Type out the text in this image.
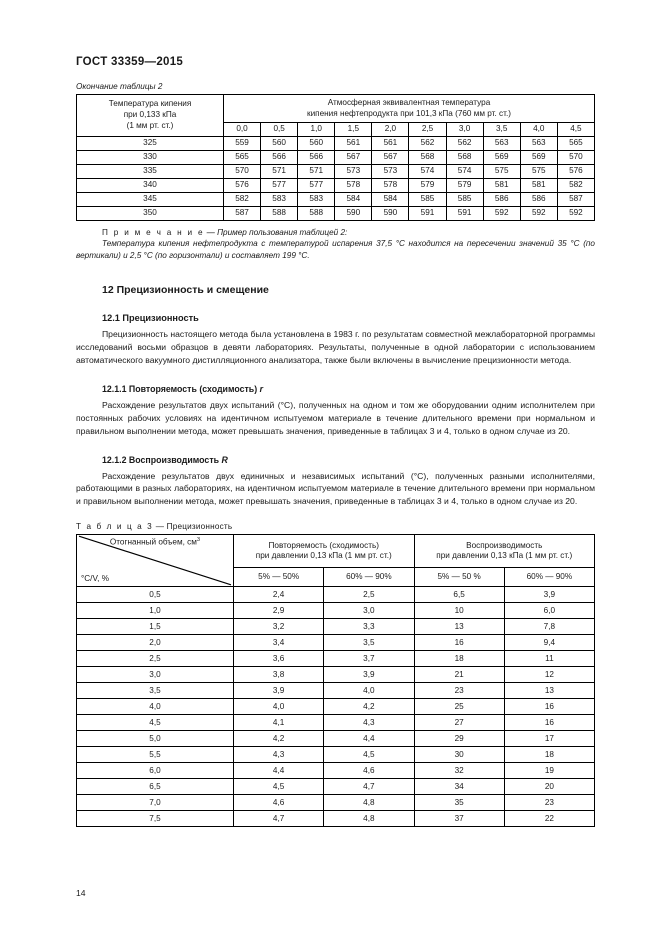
ГОСТ 33359—2015
Окончание таблицы 2
Температура кипения
при 0,133 кПа
(1 мм рт. ст.)

Атмосферная эквивалентная температура
кипения нефтепродукта при 101,3 кПа (760 мм рт. ст.)

	0,0	0,5	1,0	1,5	2,0	2,5	3,0	3,5	4,0	4,5
325	559	560	560	561	561	562	562	563	563	565
330	565	566	566	567	567	568	568	569	569	570
335	570	571	571	573	573	574	574	575	575	576
340	576	577	577	578	578	579	579	581	581	582
345	582	583	583	584	584	585	585	586	586	587
350	587	588	588	590	590	591	591	592	592	592

П р и м е ч а н и е — Пример пользования таблицей 2:
Температура кипения нефтепродукта с температурой испарения 37,5 °С находится на пересечении значений 35 °С (по вертикали) и 2,5 °С (по горизонтали) и составляет 199 °С.

12 Прецизионность и смещение
12.1 Прецизионность

Прецизионность настоящего метода была установлена в 1983 г. по результатам совместной межлабораторной программы исследований восьми образцов в девяти лабораториях. Результаты, полученные в одной лаборатории с использованием автоматического вакуумного дистилляционного анализатора, также были включены в вычисление прецизионности метода.

12.1.1 Повторяемость (сходимость) r

Расхождение результатов двух испытаний (°C), полученных на одном и том же оборудовании одним исполнителем при постоянных рабочих условиях на идентичном испытуемом материале в течение длительного времени при нормальном и правильном выполнении метода, может превышать значения, приведенные в таблицах 3 и 4, только в одном случае из 20.

12.1.2 Воспроизводимость R

Расхождение результатов двух единичных и независимых испытаний (°C), полученных разными исполнителями, работающими в разных лабораториях, на идентичном испытуемом материале в течение длительного времени при нормальном и правильном выполнении метода, может превышать значения, приведенные в таблицах 3 и 4, только в одном случае из 20.

Т а б л и ц а 3 — Прецизионность
Отогнанный объем, $см^3$
°C/V, %

Повторяемость (сходимость)
при давлении 0,13 кПа (1 мм рт. ст.)

Воспроизводимость
при давлении 0,13 кПа (1 мм рт. ст.)

	5% — 50%	60% — 90%	5% — 50 %	60% — 90%
0,5	2,4	2,5	6,5	3,9
1,0	2,9	3,0	10	6,0
1,5	3,2	3,3	13	7,8
2,0	3,4	3,5	16	9,4
2,5	3,6	3,7	18	11
3,0	3,8	3,9	21	12
3,5	3,9	4,0	23	13
4,0	4,0	4,2	25	16
4,5	4,1	4,3	27	16
5,0	4,2	4,4	29	17
5,5	4,3	4,5	30	18
6,0	4,4	4,6	32	19
6,5	4,5	4,7	34	20
7,0	4,6	4,8	35	23
7,5	4,7	4,8	37	22
14
